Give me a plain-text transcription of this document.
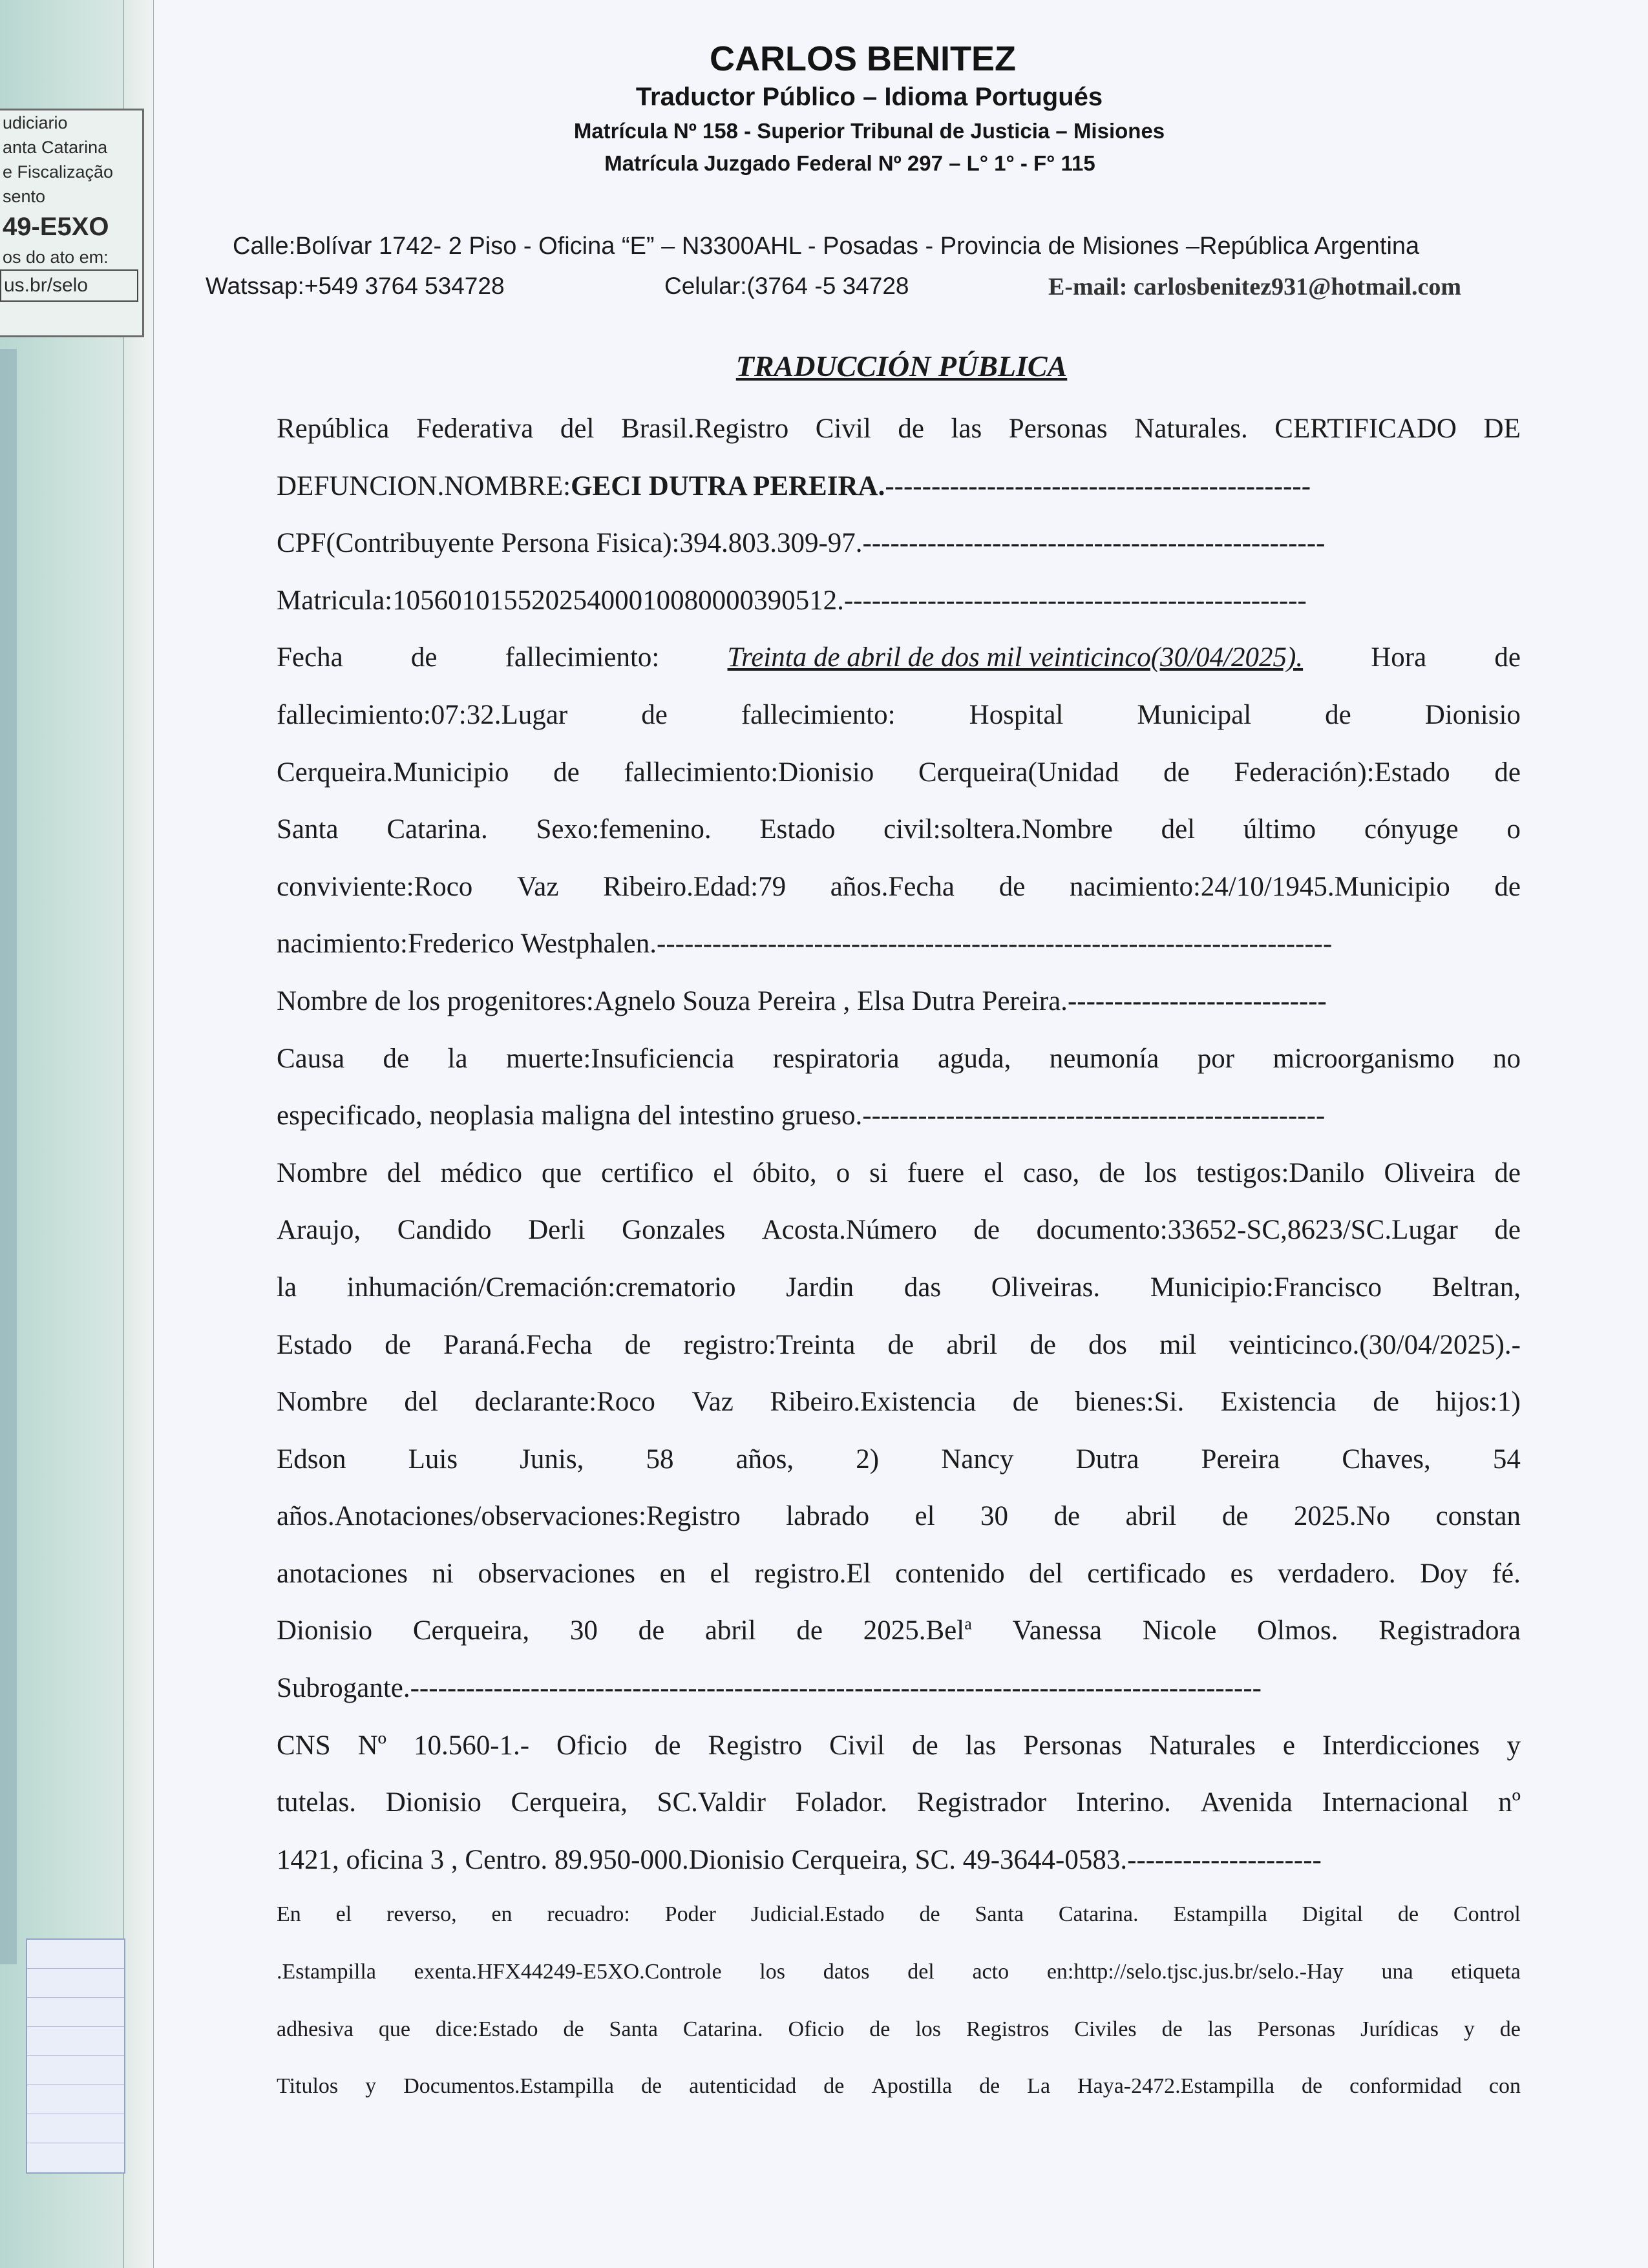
udiciario
anta Catarina
e Fiscalização
sento
49-E5XO
os do ato em:
us.br/selo
CARLOS BENITEZ
Traductor Público – Idioma Portugués
Matrícula Nº 158 - Superior Tribunal de Justicia – Misiones
Matrícula Juzgado Federal Nº 297 – L° 1° - F° 115
Calle:Bolívar 1742- 2 Piso - Oficina “E” – N3300AHL - Posadas - Provincia de Misiones –República Argentina
Watssap:+549 3764 534728	Celular:(3764 -5 34728	E-mail: carlosbenitez931@hotmail.com
TRADUCCIÓN PÚBLICA
República Federativa del Brasil.Registro Civil de las Personas Naturales. CERTIFICADO DE
DEFUNCION.NOMBRE: GECI DUTRA PEREIRA. ----------------------------------------------
CPF(Contribuyente Persona Fisica):394.803.309-97. --------------------------------------------------
Matricula:10560101552025400010080000390512. --------------------------------------------------
Fecha de fallecimiento: Treinta de abril de dos mil veinticinco(30/04/2025). Hora de
fallecimiento:07:32.Lugar	de	fallecimiento:	Hospital	Municipal	de	Dionisio
Cerqueira.Municipio de fallecimiento:Dionisio Cerqueira(Unidad de Federación):Estado de
Santa Catarina. Sexo:femenino. Estado civil:soltera.Nombre del último cónyuge o
conviviente:Roco Vaz Ribeiro.Edad:79 años.Fecha de nacimiento:24/10/1945.Municipio de
nacimiento:Frederico Westphalen. -------------------------------------------------------------------------
Nombre de los progenitores:Agnelo Souza Pereira , Elsa Dutra Pereira. ----------------------------
Causa de la muerte:Insuficiencia respiratoria aguda, neumonía por microorganismo no
especificado, neoplasia maligna del intestino grueso. --------------------------------------------------
Nombre del médico que certifico el óbito, o si fuere el caso, de los testigos:Danilo Oliveira de
Araujo, Candido Derli Gonzales Acosta.Número de documento:33652-SC,8623/SC.Lugar de
la inhumación/Cremación:crematorio Jardin das Oliveiras. Municipio:Francisco Beltran,
Estado de Paraná.Fecha de registro:Treinta de abril de dos mil veinticinco.(30/04/2025).-
Nombre del declarante:Roco Vaz Ribeiro.Existencia de bienes:Si. Existencia de hijos:1)
Edson Luis Junis, 58 años, 2) Nancy Dutra Pereira Chaves, 54
años.Anotaciones/observaciones:Registro labrado el 30 de abril de 2025.No constan
anotaciones ni observaciones en el registro.El contenido del certificado es verdadero. Doy fé.
Dionisio Cerqueira, 30 de abril de 2025.Bel$^a$ Vanessa Nicole Olmos. Registradora
Subrogante. --------------------------------------------------------------------------------------------
CNS Nº 10.560-1.- Oficio de Registro Civil de las Personas Naturales e Interdicciones y
tutelas. Dionisio Cerqueira, SC.Valdir Folador. Registrador Interino. Avenida Internacional nº
1421, oficina 3 , Centro. 89.950-000.Dionisio Cerqueira, SC. 49-3644-0583. ---------------------
En el reverso, en recuadro: Poder Judicial.Estado de Santa Catarina. Estampilla Digital de Control
.Estampilla exenta.HFX44249-E5XO.Controle los datos del acto en:http://selo.tjsc.jus.br/selo.-Hay una etiqueta
adhesiva que dice:Estado de Santa Catarina. Oficio de los Registros Civiles de las Personas Jurídicas y de
Titulos y Documentos.Estampilla de autenticidad de Apostilla de La Haya-2472.Estampilla de conformidad con
